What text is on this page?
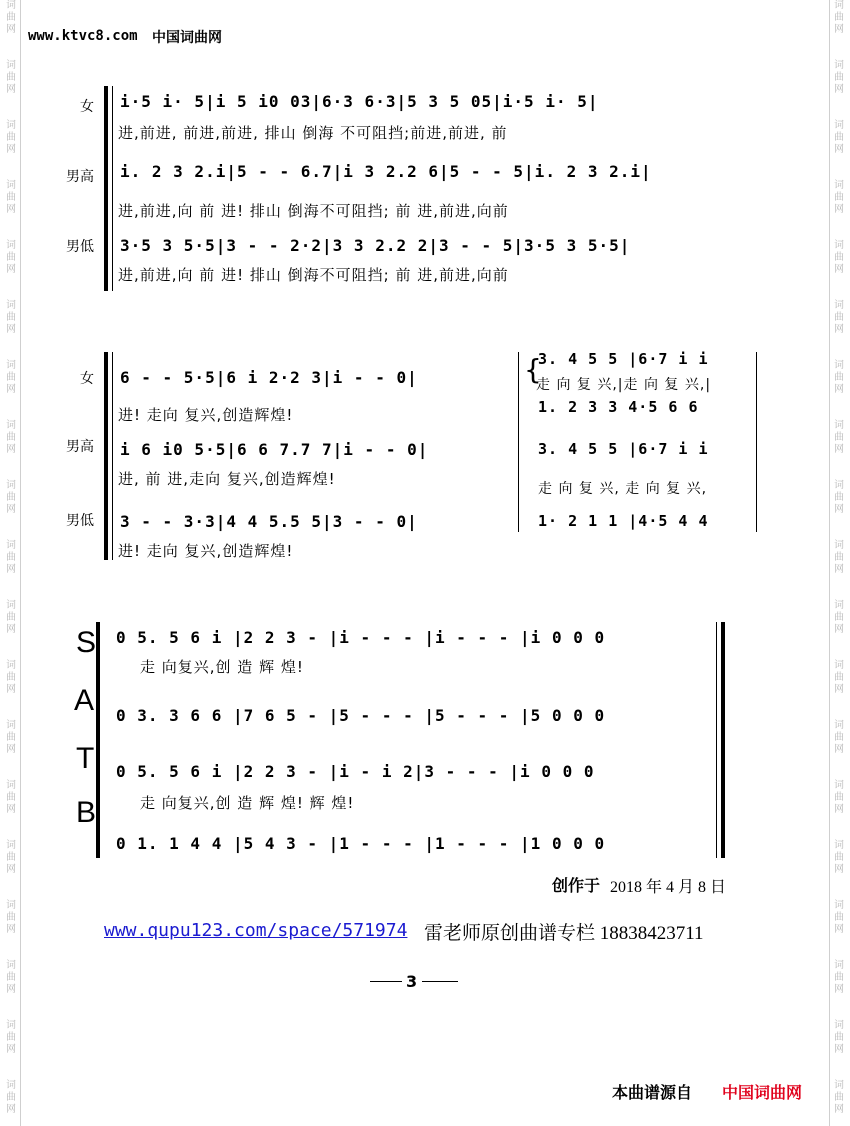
词
曲
网
词
曲
网
词
曲
网
词
曲
网
词
曲
网
词
曲
网
词
曲
网
词
曲
网
词
曲
网
词
曲
网
词
曲
网
词
曲
网
词
曲
网
词
曲
网
词
曲
网
词
曲
网
词
曲
网
词
曲
网
词
曲
网
词
曲
网
词
曲
网
词
曲
网
词
曲
网
词
曲
网
词
曲
网
词
曲
网
词
曲
网
词
曲
网
词
曲
网
词
曲
网
词
曲
网
词
曲
网
词
曲
网
词
曲
网
词
曲
网
词
曲
网
词
曲
网
词
曲
网
www.ktvc8.com 中国词曲网
女 i·5 i· 5|i 5 i0 03|6·3 6·3|5 3 5 05|i·5 i· 5|
进,前进, 前进,前进, 排山 倒海 不可阻挡;前进,前进, 前
男高 i. 2 3 2.i|5 - - 6.7|i 3 2.2 6|5 - - 5|i. 2 3 2.i|
进,前进,向 前 进! 排山 倒海不可阻挡; 前 进,前进,向前
男低 3·5 3 5·5|3 - - 2·2|3 3 2.2 2|3 - - 5|3·5 3 5·5|
进,前进,向 前 进! 排山 倒海不可阻挡; 前 进,前进,向前
女 6 - - 5·5|6 i 2·2 3|i - - 0|
进! 走向 复兴,创造辉煌!
男高 i 6 i0 5·5|6 6 7.7 7|i - - 0|
进, 前 进,走向 复兴,创造辉煌!
男低 3 - - 3·3|4 4 5.5 5|3 - - 0|
进! 走向 复兴,创造辉煌!
{
3. 4 5 5 |6·7 i i
走 向 复 兴,|走 向 复 兴,|
1. 2 3 3 4·5 6 6
3. 4 5 5 |6·7 i i
走 向 复 兴, 走 向 复 兴,
1· 2 1 1 |4·5 4 4
S
A
T
B
0 5. 5 6 i |2 2 3 - |i - - - |i - - - |i 0 0 0
走 向复兴,创 造 辉 煌!
0 3. 3 6 6 |7 6 5 - |5 - - - |5 - - - |5 0 0 0
0 5. 5 6 i |2 2 3 - |i - i 2|3 - - - |i 0 0 0
走 向复兴,创 造 辉 煌! 辉 煌!
0 1. 1 4 4 |5 4 3 - |1 - - - |1 - - - |1 0 0 0
创作于 2018 年 4 月 8 日
www.qupu123.com/space/571974 雷老师原创曲谱专栏 18838423711
3
本曲谱源自 中国词曲网
